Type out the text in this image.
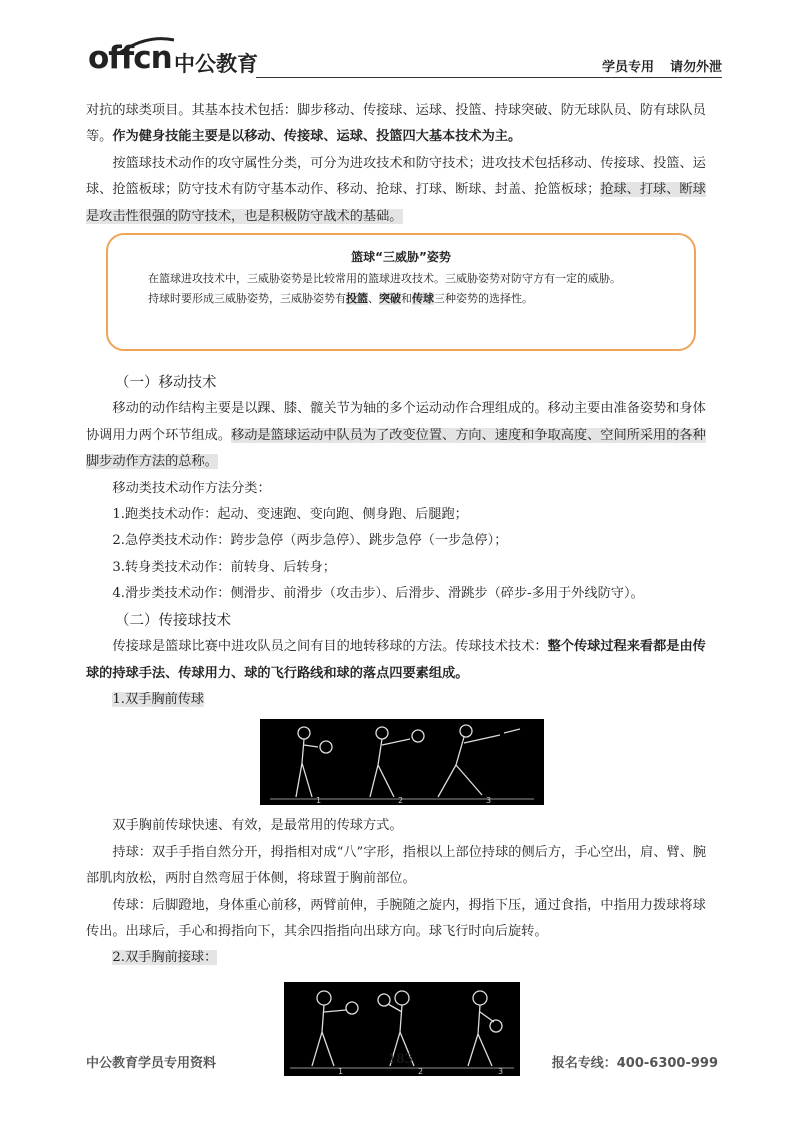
offcn 中公教育	学员专用 请勿外泄

对抗的球类项目。其基本技术包括：脚步移动、传接球、运球、投篮、持球突破、防无球队员、防有球队员等。作为健身技能主要是以移动、传接球、运球、投篮四大基本技术为主。

按篮球技术动作的攻守属性分类，可分为进攻技术和防守技术；进攻技术包括移动、传接球、投篮、运球、抢篮板球；防守技术有防守基本动作、移动、抢球、打球、断球、封盖、抢篮板球；抢球、打球、断球是攻击性很强的防守技术，也是积极防守战术的基础。

（一）移动技术

移动的动作结构主要是以踝、膝、髋关节为轴的多个运动动作合理组成的。移动主要由准备姿势和身体协调用力两个环节组成。移动是篮球运动中队员为了改变位置、方向、速度和争取高度、空间所采用的各种脚步动作方法的总称。

移动类技术动作方法分类：

1.跑类技术动作：起动、变速跑、变向跑、侧身跑、后腿跑；

2.急停类技术动作：跨步急停（两步急停）、跳步急停（一步急停）；

3.转身类技术动作：前转身、后转身；

4.滑步类技术动作：侧滑步、前滑步（攻击步）、后滑步、滑跳步（碎步-多用于外线防守）。

（二）传接球技术

传接球是篮球比赛中进攻队员之间有目的地转移球的方法。传球技术技术：整个传球过程来看都是由传球的持球手法、传球用力、球的飞行路线和球的落点四要素组成。

1.双手胸前传球

1	2	3

双手胸前传球快速、有效，是最常用的传球方式。

持球：双手手指自然分开，拇指相对成“八”字形，指根以上部位持球的侧后方，手心空出，肩、臂、腕部肌肉放松，两肘自然弯屈于体侧，将球置于胸前部位。

传球：后脚蹬地，身体重心前移，两臂前伸，手腕随之旋内，拇指下压，通过食指，中指用力拨球将球传出。出球后，手心和拇指向下，其余四指指向出球方向。球飞行时向后旋转。

2.双手胸前接球：

1	2	3
篮球“三威胁”姿势

在篮球进攻技术中，三威胁姿势是比较常用的篮球进攻技术。三威胁姿势对防守方有一定的威胁。

持球时要形成三威胁姿势，三威胁姿势有投篮、突破和传球三种姿势的选择性。

中公教育学员专用资料	183	报名专线：400-6300-999
